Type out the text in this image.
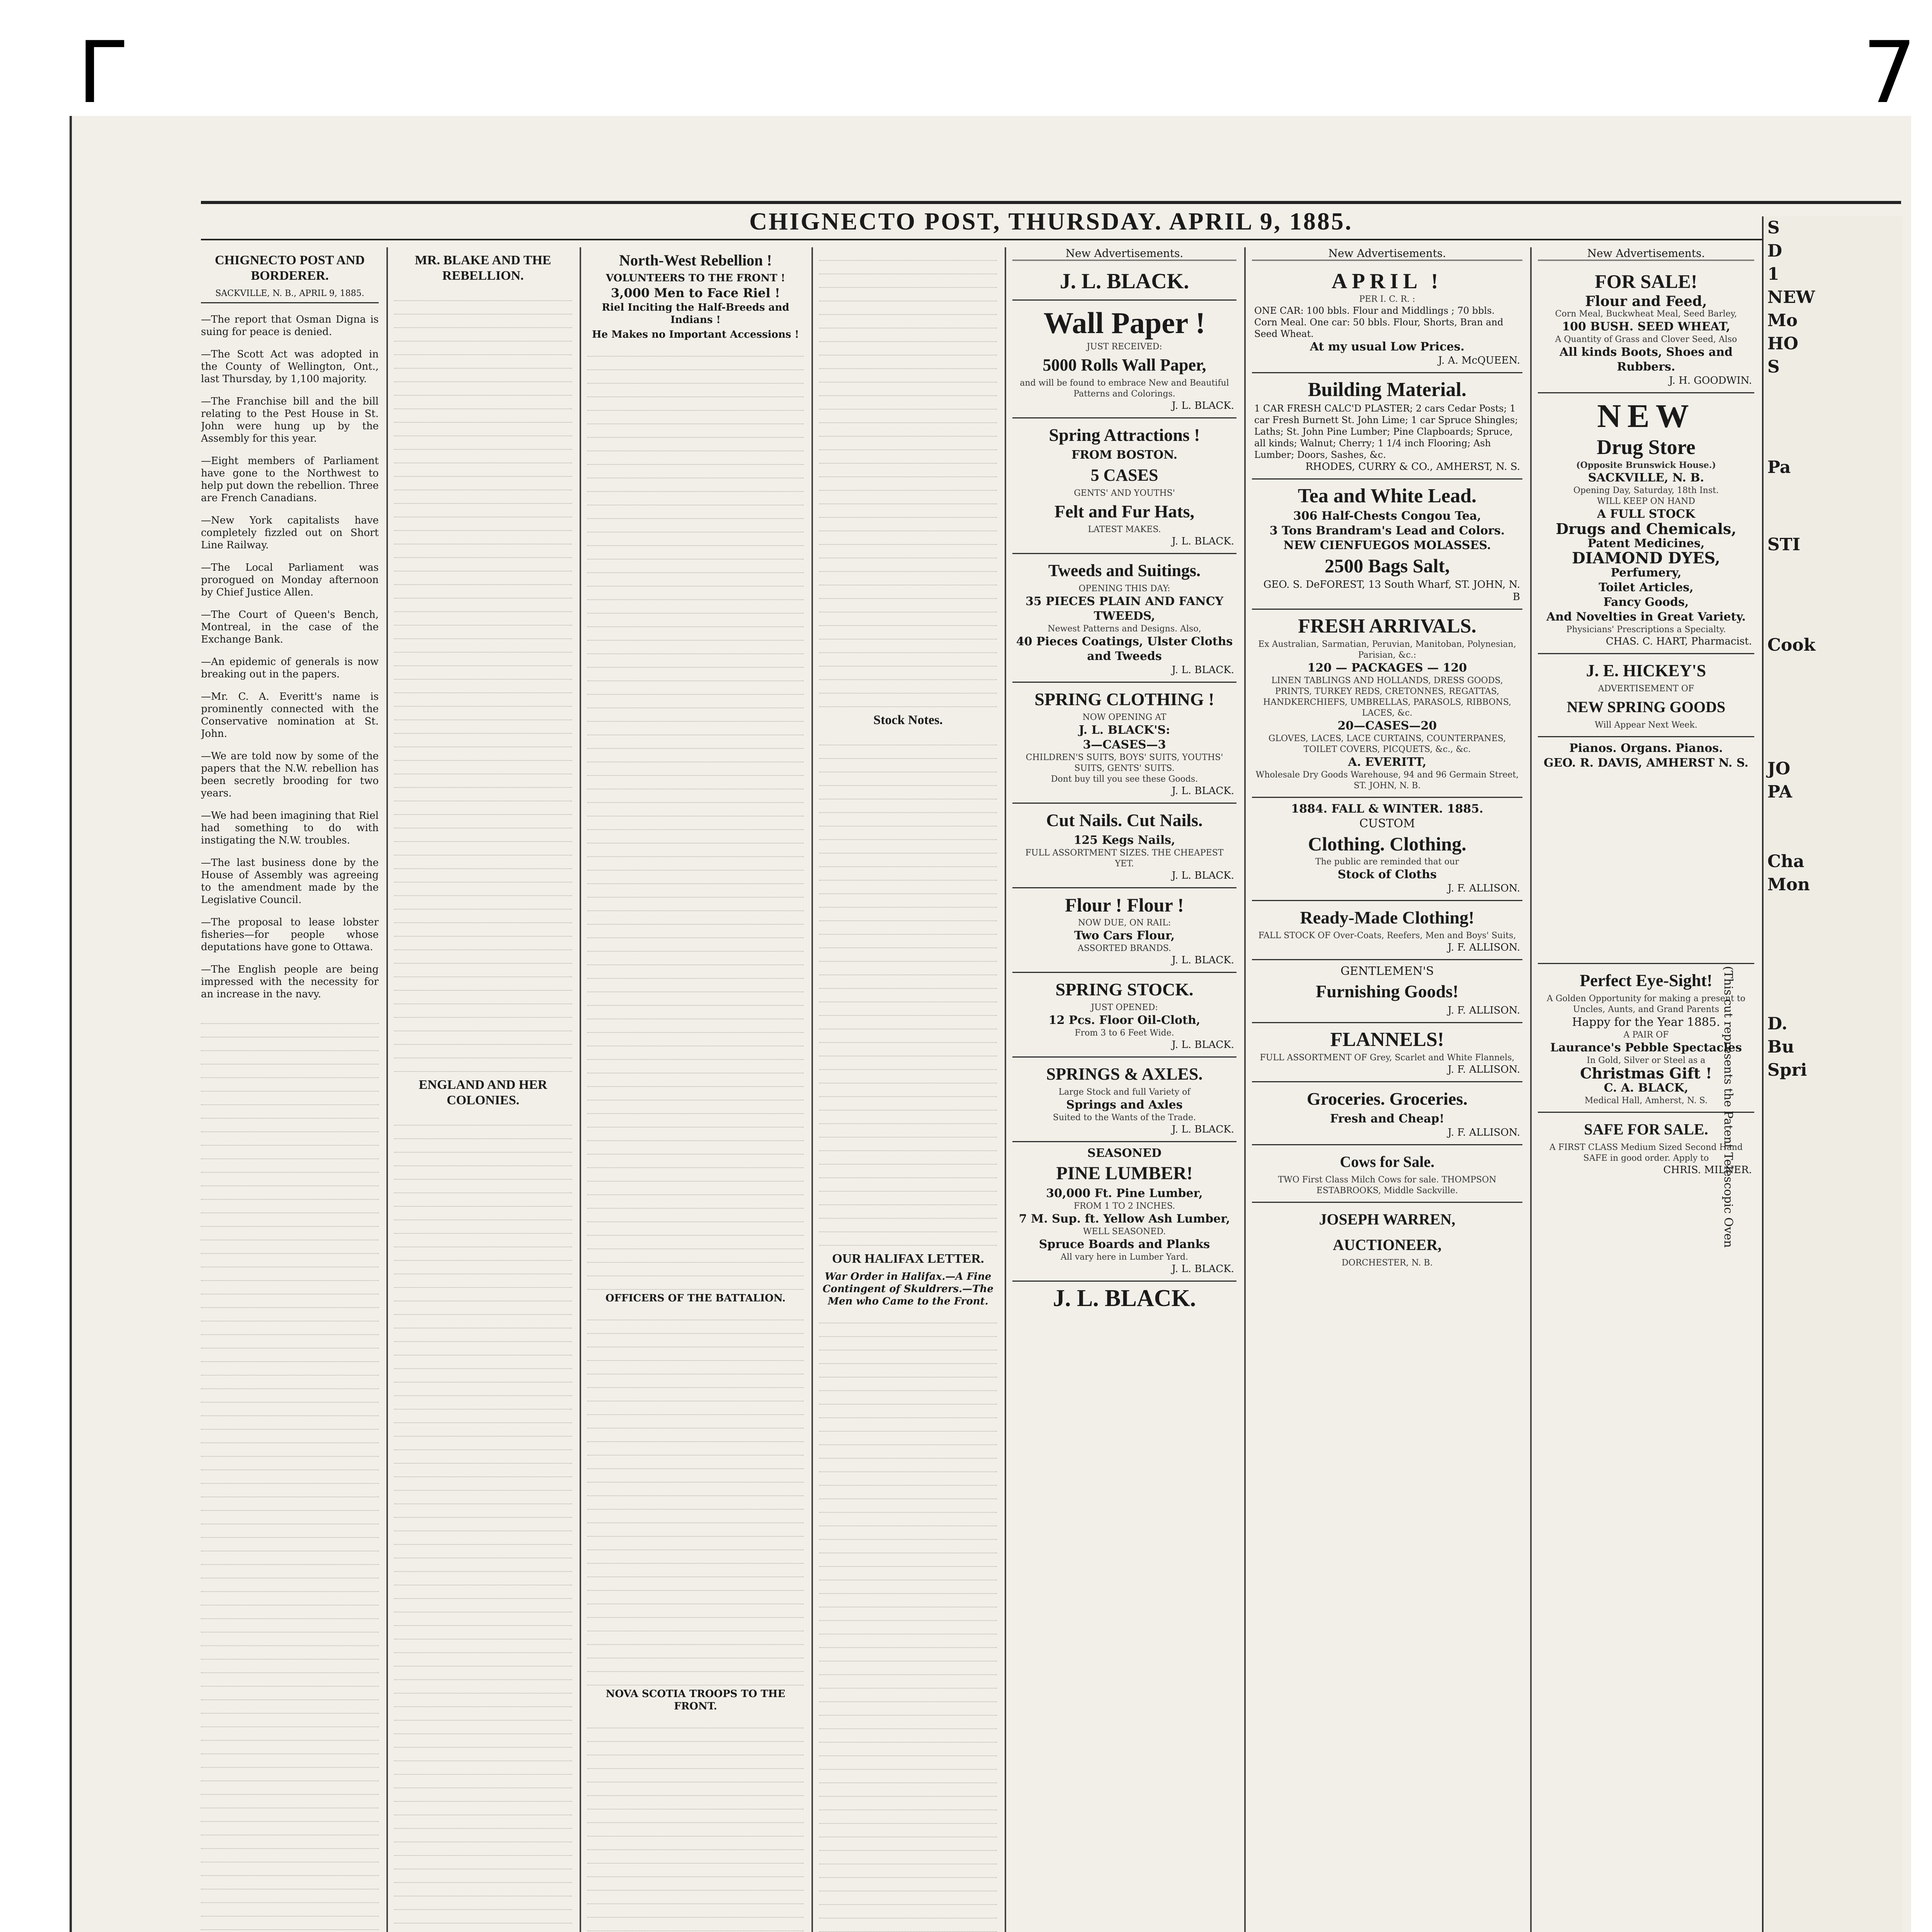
Γ	7
CHIGNECTO POST, THURSDAY. APRIL 9, 1885.
CHIGNECTO POST AND BORDERER.
SACKVILLE, N. B., APRIL 9, 1885.

—The report that Osman Digna is suing for peace is denied.

—The Scott Act was adopted in the County of Wellington, Ont., last Thursday, by 1,100 majority.

—The Franchise bill and the bill relating to the Pest House in St. John were hung up by the Assembly for this year.

—Eight members of Parliament have gone to the Northwest to help put down the rebellion. Three are French Canadians.

—New York capitalists have completely fizzled out on Short Line Railway.

—The Local Parliament was prorogued on Monday afternoon by Chief Justice Allen.

—The Court of Queen's Bench, Montreal, in the case of the Exchange Bank.

—An epidemic of generals is now breaking out in the papers.

—Mr. C. A. Everitt's name is prominently connected with the Conservative nomination at St. John.

—We are told now by some of the papers that the N.W. rebellion has been secretly brooding for two years.

—We had been imagining that Riel had something to do with instigating the N.W. troubles.

—The last business done by the House of Assembly was agreeing to the amendment made by the Legislative Council.

—The proposal to lease lobster fisheries—for people whose deputations have gone to Ottawa.

—The English people are being impressed with the necessity for an increase in the navy.

MR. BLAKE AND THE REBELLION.
ENGLAND AND HER COLONIES.

North-West Rebellion !
VOLUNTEERS TO THE FRONT !
3,000 Men to Face Riel !
Riel Inciting the Half-Breeds and Indians !
He Makes no Important Accessions !
OFFICERS OF THE BATTALION.
NOVA SCOTIA TROOPS TO THE FRONT.
Stock Notes.
OUR HALIFAX LETTER.
War Order in Halifax.—A Fine Contingent of Skuldrers.—The Men who Came to the Front.
New Advertisements.
J. L. BLACK.
Wall Paper !
JUST RECEIVED:
5000 Rolls Wall Paper,
and will be found to embrace New and Beautiful Patterns and Colorings.
J. L. BLACK.
Spring Attractions !
FROM BOSTON.
5 CASES
GENTS' AND YOUTHS'
Felt and Fur Hats,
LATEST MAKES.
J. L. BLACK.
Tweeds and Suitings.
OPENING THIS DAY:
35 PIECES PLAIN AND FANCY TWEEDS,
Newest Patterns and Designs. Also,
40 Pieces Coatings, Ulster Cloths and Tweeds
J. L. BLACK.
SPRING CLOTHING !
NOW OPENING AT
J. L. BLACK'S:
3—CASES—3
CHILDREN'S SUITS, BOYS' SUITS, YOUTHS' SUITS, GENTS' SUITS.
Dont buy till you see these Goods.
J. L. BLACK.
Cut Nails. Cut Nails.
125 Kegs Nails,
FULL ASSORTMENT SIZES. THE CHEAPEST YET.
J. L. BLACK.
Flour ! Flour !
NOW DUE, ON RAIL:
Two Cars Flour,
ASSORTED BRANDS.
J. L. BLACK.
SPRING STOCK.
JUST OPENED:
12 Pcs. Floor Oil-Cloth,
From 3 to 6 Feet Wide.
J. L. BLACK.
SPRINGS & AXLES.
Large Stock and full Variety of
Springs and Axles
Suited to the Wants of the Trade.
J. L. BLACK.
SEASONED
PINE LUMBER!
30,000 Ft. Pine Lumber,
FROM 1 TO 2 INCHES.
7 M. Sup. ft. Yellow Ash Lumber,
WELL SEASONED.
Spruce Boards and Planks
All vary here in Lumber Yard.
J. L. BLACK.
J. L. BLACK.
New Advertisements.
APRIL !
PER I. C. R. :
ONE CAR: 100 bbls. Flour and Middlings ; 70 bbls. Corn Meal. One car: 50 bbls. Flour, Shorts, Bran and Seed Wheat.
At my usual Low Prices.
J. A. McQUEEN.
Building Material.
1 CAR FRESH CALC'D PLASTER; 2 cars Cedar Posts; 1 car Fresh Burnett St. John Lime; 1 car Spruce Shingles; Laths; St. John Pine Lumber; Pine Clapboards; Spruce, all kinds; Walnut; Cherry; 1 1/4 inch Flooring; Ash Lumber; Doors, Sashes, &c.
RHODES, CURRY & CO., AMHERST, N. S.
Tea and White Lead.
306 Half-Chests Congou Tea,
3 Tons Brandram's Lead and Colors.
NEW CIENFUEGOS MOLASSES.
2500 Bags Salt,
GEO. S. DeFOREST, 13 South Wharf, ST. JOHN, N. B
FRESH ARRIVALS.
Ex Australian, Sarmatian, Peruvian, Manitoban, Polynesian, Parisian, &c.:
120 — PACKAGES — 120
LINEN TABLINGS AND HOLLANDS, DRESS GOODS, PRINTS, TURKEY REDS, CRETONNES, REGATTAS, HANDKERCHIEFS, UMBRELLAS, PARASOLS, RIBBONS, LACES, &c.
20—CASES—20
GLOVES, LACES, LACE CURTAINS, COUNTERPANES, TOILET COVERS, PICQUETS, &c., &c.
A. EVERITT,
Wholesale Dry Goods Warehouse, 94 and 96 Germain Street, ST. JOHN, N. B.
1884. FALL & WINTER. 1885.
CUSTOM
Clothing. Clothing.
The public are reminded that our
Stock of Cloths
J. F. ALLISON.
Ready-Made Clothing!
FALL STOCK OF Over-Coats, Reefers, Men and Boys' Suits,
J. F. ALLISON.
GENTLEMEN'S
Furnishing Goods!
J. F. ALLISON.
FLANNELS!
FULL ASSORTMENT OF Grey, Scarlet and White Flannels,
J. F. ALLISON.
Groceries. Groceries.
Fresh and Cheap!
J. F. ALLISON.
Cows for Sale.
TWO First Class Milch Cows for sale. THOMPSON ESTABROOKS, Middle Sackville.
JOSEPH WARREN,
AUCTIONEER,
DORCHESTER, N. B.
New Advertisements.
FOR SALE!
Flour and Feed,
Corn Meal, Buckwheat Meal, Seed Barley,
100 BUSH. SEED WHEAT,
A Quantity of Grass and Clover Seed, Also
All kinds Boots, Shoes and Rubbers.
J. H. GOODWIN.
NEW
Drug Store
(Opposite Brunswick House.)
SACKVILLE, N. B.
Opening Day, Saturday, 18th Inst.
WILL KEEP ON HAND
A FULL STOCK
Drugs and Chemicals,
Patent Medicines,
DIAMOND DYES,
Perfumery,
Toilet Articles,
Fancy Goods,
And Novelties in Great Variety.
Physicians' Prescriptions a Specialty.
CHAS. C. HART, Pharmacist.
J. E. HICKEY'S
ADVERTISEMENT OF
NEW SPRING GOODS
Will Appear Next Week.
Pianos. Organs. Pianos.
GEO. R. DAVIS, AMHERST N. S.
Perfect Eye-Sight!
A Golden Opportunity for making a present to Uncles, Aunts, and Grand Parents
Happy for the Year 1885.
A PAIR OF
Laurance's Pebble Spectacles
In Gold, Silver or Steel as a
Christmas Gift !
C. A. BLACK,
Medical Hall, Amherst, N. S.
SAFE FOR SALE.
A FIRST CLASS Medium Sized Second Hand SAFE in good order. Apply to
CHRIS. MILNER.
S
D
1
NEW
Mo
HO
S
Pa
STI
Cook
JO
PA
Cha
Mon
D.
Bu
Spri
(This cut represents the Patent Telescopic Oven
